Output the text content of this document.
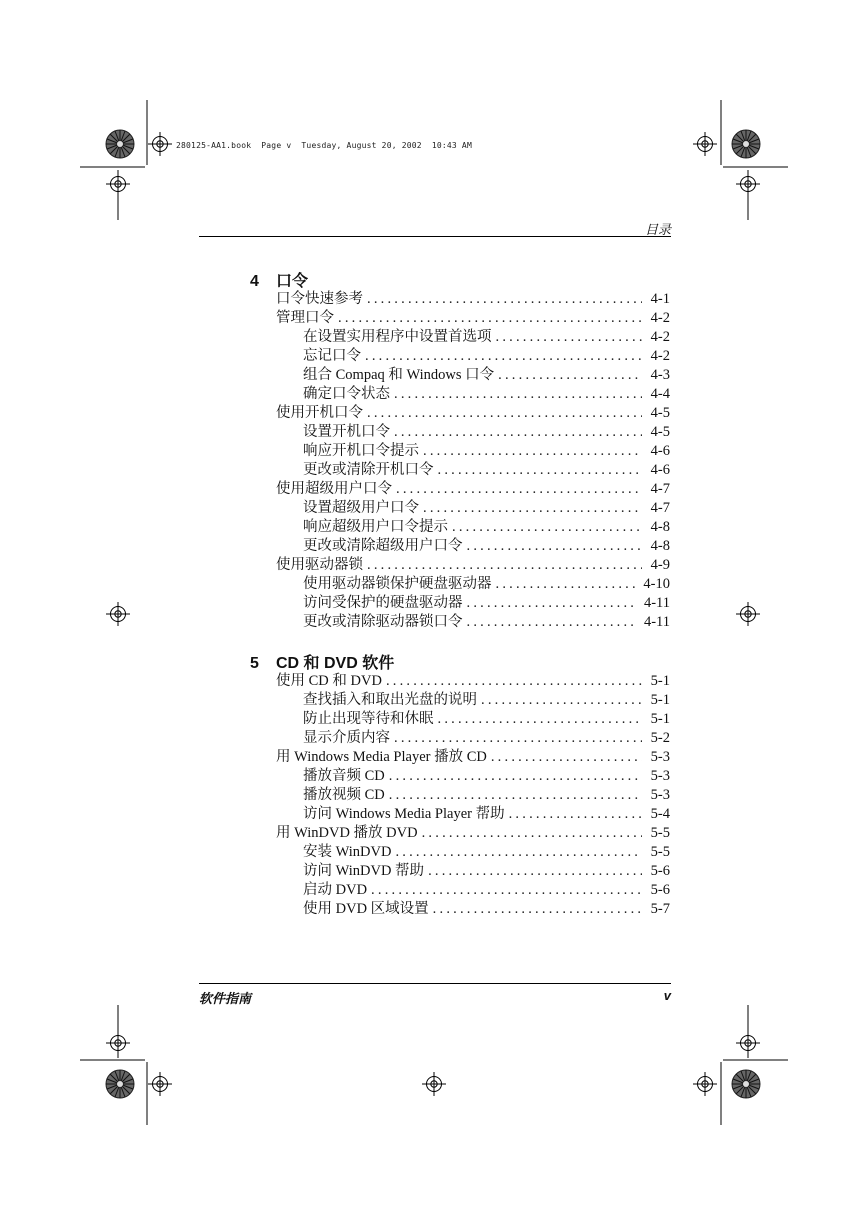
280125-AA1.book  Page v  Tuesday, August 20, 2002  10:43 AM
目录
4	口令
口令快速参考 .....	4-1
管理口令 .....	4-2
在设置实用程序中设置首选项 .....	4-2
忘记口令 .....	4-2
组合 Compaq 和 Windows 口令 .....	4-3
确定口令状态 .....	4-4
使用开机口令 .....	4-5
设置开机口令 .....	4-5
响应开机口令提示 .....	4-6
更改或清除开机口令 .....	4-6
使用超级用户口令 .....	4-7
设置超级用户口令 .....	4-7
响应超级用户口令提示 .....	4-8
更改或清除超级用户口令 .....	4-8
使用驱动器锁 .....	4-9
使用驱动器锁保护硬盘驱动器 .....	4-10
访问受保护的硬盘驱动器 .....	4-11
更改或清除驱动器锁口令 .....	4-11
5	CD 和 DVD 软件
使用 CD 和 DVD .....	5-1
查找插入和取出光盘的说明 .....	5-1
防止出现等待和休眠 .....	5-1
显示介质内容 .....	5-2
用 Windows Media Player 播放 CD .....	5-3
播放音频 CD .....	5-3
播放视频 CD .....	5-3
访问 Windows Media Player 帮助 .....	5-4
用 WinDVD 播放 DVD .....	5-5
安装 WinDVD .....	5-5
访问 WinDVD 帮助 .....	5-6
启动 DVD .....	5-6
使用 DVD 区域设置 .....	5-7
软件指南	v
